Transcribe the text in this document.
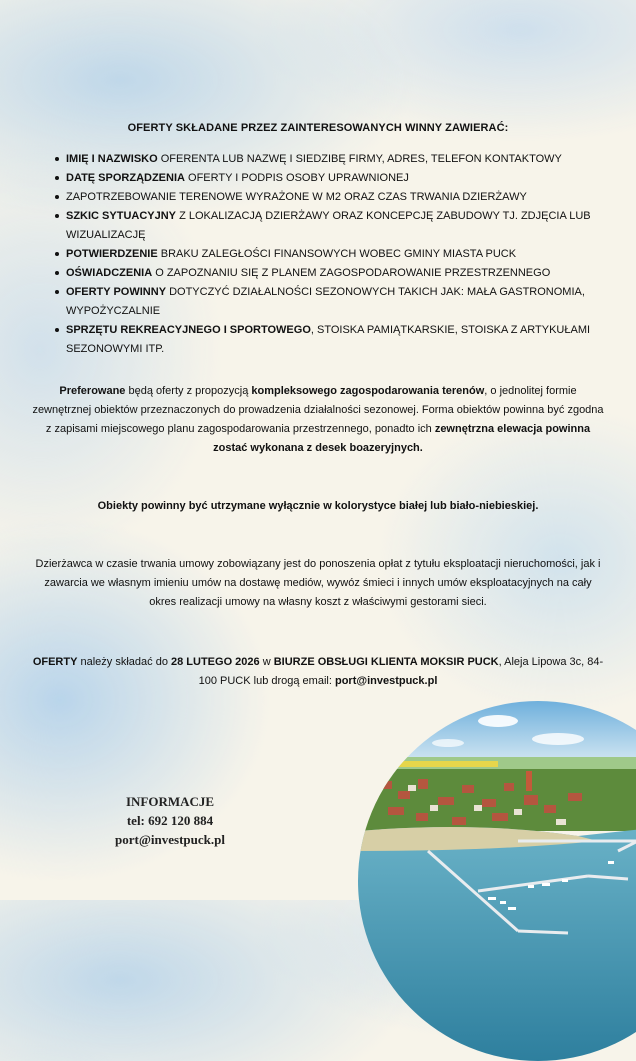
OFERTY SKŁADANE PRZEZ ZAINTERESOWANYCH WINNY ZAWIERAĆ:
IMIĘ I NAZWISKO OFERENTA LUB NAZWĘ I SIEDZIBĘ FIRMY, ADRES, TELEFON KONTAKTOWY
DATĘ SPORZĄDZENIA OFERTY I PODPIS OSOBY UPRAWNIONEJ
ZAPOTRZEBOWANIE TERENOWE WYRAŻONE W M2 ORAZ CZAS TRWANIA DZIERŻAWY
SZKIC SYTUACYJNY Z LOKALIZACJĄ DZIERŻAWY ORAZ KONCEPCJĘ ZABUDOWY TJ. ZDJĘCIA LUB WIZUALIZACJĘ
POTWIERDZENIE BRAKU ZALEGŁOŚCI FINANSOWYCH WOBEC GMINY MIASTA PUCK
OŚWIADCZENIA O ZAPOZNANIU SIĘ Z PLANEM ZAGOSPODAROWANIE PRZESTRZENNEGO
OFERTY POWINNY DOTYCZYĆ DZIAŁALNOŚCI SEZONOWYCH TAKICH JAK: MAŁA GASTRONOMIA, WYPOŻYCZALNIE
SPRZĘTU REKREACYJNEGO I SPORTOWEGO, STOISKA PAMIĄTKARSKIE, STOISKA Z ARTYKUŁAMI SEZONOWYMI ITP.

Preferowane będą oferty z propozycją kompleksowego zagospodarowania terenów, o jednolitej formie zewnętrznej obiektów przeznaczonych do prowadzenia działalności sezonowej. Forma obiektów powinna być zgodna z zapisami miejscowego planu zagospodarowania przestrzennego, ponadto ich zewnętrzna elewacja powinna zostać wykonana z desek boazeryjnych.

Obiekty powinny być utrzymane wyłącznie w kolorystyce białej lub biało-niebieskiej.

Dzierżawca w czasie trwania umowy zobowiązany jest do ponoszenia opłat z tytułu eksploatacji nieruchomości, jak i zawarcia we własnym imieniu umów na dostawę mediów, wywóz śmieci i innych umów eksploatacyjnych na cały okres realizacji umowy na własny koszt z właściwymi gestorami sieci.

OFERTY należy składać do 28 LUTEGO 2026 w BIURZE OBSŁUGI KLIENTA MOKSIR PUCK, Aleja Lipowa 3c, 84-100 PUCK lub drogą email: port@investpuck.pl

INFORMACJE
tel: 692 120 884
port@investpuck.pl
